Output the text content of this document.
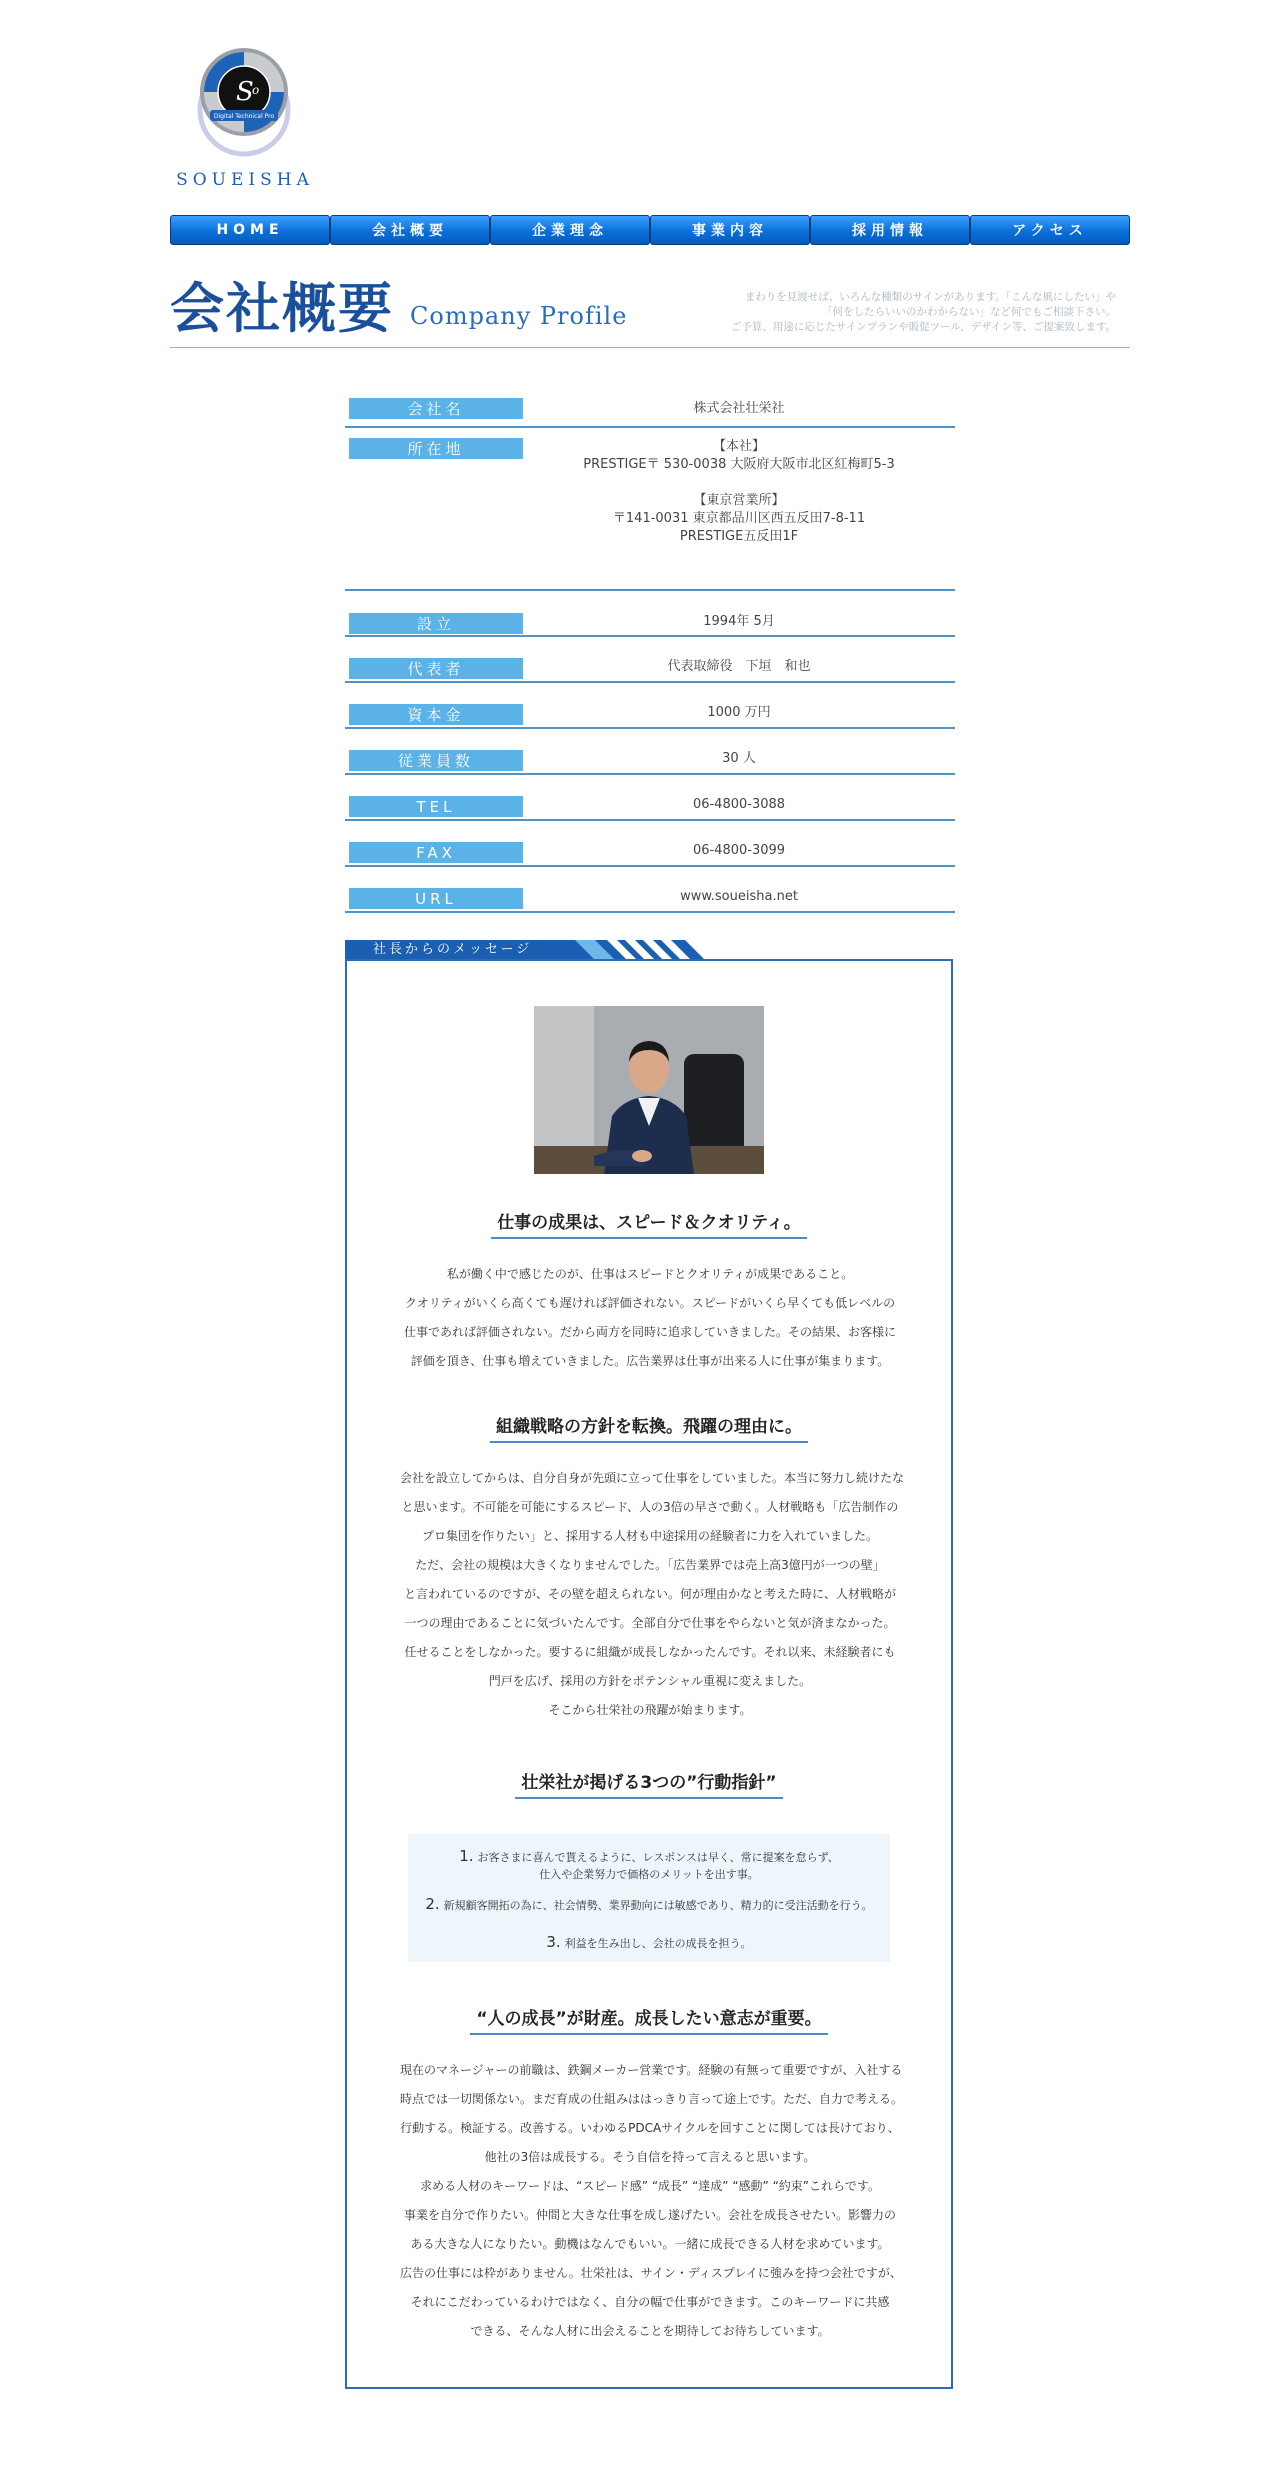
S
o
Digital Technical Pro
SOUEISHA
HOME	会社概要	企業理念	事業内容	採用情報	アクセス
会社概要 Company Profile
まわりを見渡せば、いろんな種類のサインがあります。「こんな風にしたい」や
「何をしたらいいのかわからない」など何でもご相談下さい。
ご予算、用途に応じたサインプランや販促ツール、デザイン等、ご提案致します。
会社名	株式会社壮栄社
所在地	【本社】
PRESTIGE〒 530-0038 大阪府大阪市北区紅梅町5-3
【東京営業所】
〒141-0031 東京都品川区西五反田7-8-11
PRESTIGE五反田1F
設立	1994年 5月
代表者	代表取締役　下垣　和也
資本金	1000 万円
従業員数	30 人
TEL	06-4800-3088
FAX	06-4800-3099
URL	www.soueisha.net
社長からのメッセージ
仕事の成果は、スピード＆クオリティ。

私が働く中で感じたのが、仕事はスピードとクオリティが成果であること。

クオリティがいくら高くても遅ければ評価されない。スピードがいくら早くても低レベルの

仕事であれば評価されない。だから両方を同時に追求していきました。その結果、お客様に

評価を頂き、仕事も増えていきました。広告業界は仕事が出来る人に仕事が集まります。

組織戦略の方針を転換。飛躍の理由に。

会社を設立してからは、自分自身が先頭に立って仕事をしていました。本当に努力し続けたな

と思います。不可能を可能にするスピード、人の3倍の早さで動く。人材戦略も「広告制作の

プロ集団を作りたい」と、採用する人材も中途採用の経験者に力を入れていました。

ただ、会社の規模は大きくなりませんでした。「広告業界では売上高3億円が一つの壁」

と言われているのですが、その壁を超えられない。何が理由かなと考えた時に、人材戦略が

一つの理由であることに気づいたんです。全部自分で仕事をやらないと気が済まなかった。

任せることをしなかった。要するに組織が成長しなかったんです。それ以来、未経験者にも

門戸を広げ、採用の方針をポテンシャル重視に変えました。

そこから壮栄社の飛躍が始まります。

壮栄社が掲げる3つの”行動指針”
1. お客さまに喜んで貰えるように、レスポンスは早く、常に提案を怠らず、
仕入や企業努力で価格のメリットを出す事。
2. 新規顧客開拓の為に、社会情勢、業界動向には敏感であり、精力的に受注活動を行う。
3. 利益を生み出し、会社の成長を担う。
“人の成長”が財産。成長したい意志が重要。

現在のマネージャーの前職は、鉄鋼メーカー営業です。経験の有無って重要ですが、入社する

時点では一切関係ない。まだ育成の仕組みははっきり言って途上です。ただ、自力で考える。

行動する。検証する。改善する。いわゆるPDCAサイクルを回すことに関しては長けており、

他社の3倍は成長する。そう自信を持って言えると思います。

求める人材のキーワードは、“スピード感” “成長” “達成” “感動” “約束”これらです。

事業を自分で作りたい。仲間と大きな仕事を成し遂げたい。会社を成長させたい。影響力の

ある大きな人になりたい。動機はなんでもいい。一緒に成長できる人材を求めています。

広告の仕事には枠がありません。壮栄社は、サイン・ディスプレイに強みを持つ会社ですが、

それにこだわっているわけではなく、自分の幅で仕事ができます。このキーワードに共感

できる、そんな人材に出会えることを期待してお待ちしています。
